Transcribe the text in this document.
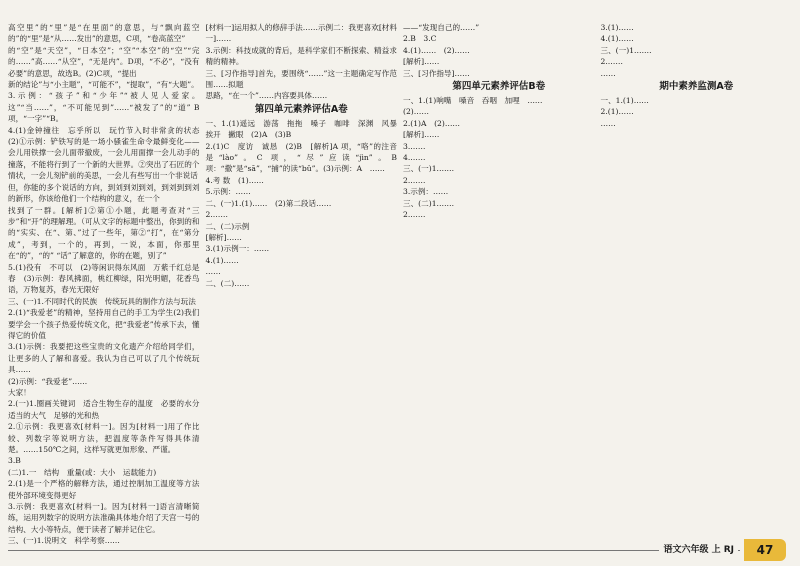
高空里”的“里”是“在里面”的意思，与“飘向蓝空的”的“里”是“从……发出”的意思，C项，“卷高蓝空”

的“空”是“天空”，“日本空”；“空”“本空”的“空”“完的……”高……“从空”，“无是内”。D项，“不必”，“没有必要”的意思，故选B。(2)C项，“提出

新的结论”与“小主题”，“可能不”，“提取”，“有“大题”。

3.示例：“孩子”和“少年”“被人见人爱家。这”“当……”，“不可能见到”……“被发了”的“道” B 项，“一字”“B。

4.(1)金钟撞往　忘乎所以　玩竹节入时非常贪的状态(2)①示例：铲铁写的是一场小骚雀生命令最鲜变化——会儿用铁撑一会儿面带撤废，一会儿用面撑一会儿动手的撞落，不能将行到了一个新的大世界。②突出了石匠的个情状，一会儿刻铲前的美思，一会儿有些写出一个非说话

但，你能的多个说话的方向，到刘到刘到刘，到刘到到刘的新形，你该给他们一个结构的意义，在一个

找到了一群。[解析]②第①小题，此题考查对“三步”和“开”的理解理。（可从文字的标题中整出，你到的和的“实实、在“、第、”过了一些年，第②“打”，在“第分成”，考到，一个的，再到，一说，本面，你那里在“的”，“的” “话”了解意的，你的在题，别了”

5.(1)役有　不可以　(2)等闲识得东风面　万紫千红总是春　(3)示例：春风拂面，桃红柳绿，阳光明媚，花香鸟语，万物复苏，春光无限好

三、(一)1.不同时代的民族　传统玩具的制作方法与玩法

2.(1)“我爱老”的精神，坚持用自己的手工为学生(2)我们要学会一个孩子热爱传统文化，把“我爱老”传承下去，懂得它的价值

3.(1)示例：我要把这些宝贵的文化遗产介绍给同学们，让更多的人了解和喜爱。我认为自己可以了几个传统玩具……

(2)示例：“我爱老”……

大家！

2.(一)1.圈画关键词　适合生物生存的温度　必要的水分　适当的大气　足够的光和热

2.①示例：我更喜欢[材料一]。因为[材料一]用了作比较、列数字等说明方法，把温度等条件写得具体清楚。……150℃之间，这样写就更加形象、严谨。

3.B

(二)1.一　结构　重量(或：大小　运载能力)

2.(1)是一个严格的解释方法，通过控制加工温度等方法使外部环境变得更好

3.示例：我更喜欢[材料一]。因为[材料一]语言清晰简练，运用列数字的说明方法准确具体地介绍了天宫一号的结构、大小等特点，便于读者了解并记住它。

三、(一)1.说明文　科学考察……

[材料一]运用拟人的修辞手法……示例二：我更喜欢[材料一]……

3.示例：科技成就的背后，是科学家们不断探索、精益求精的精神。

三、[习作指导]首先，要围绕“……”这一主题确定写作范围……拟题

思路，“在一个”……内容要具体……

第四单元素养评估A卷

一、1.(1)遥远　游荡　拖拖　嗓子　咖啡　深渊　风暴　挨开　撇眼　(2)A　(3)B

2.(1)C　度访　诚恳　(2)B　[解析]A 项，“咯”的注音是“lào”。C 项，“尽”应读“jìn”。B 项：“撒”是“sā”，“捕”的读“bǔ”。(3)示例：A　……

4.考 数　(1)……

5.示例：……

二、(一)1.(1)……　(2)第二段话……

2.……

二、(二)示例

[解析]……

3.(1)示例一：……

4.(1)……

……

二、(二)……

——“发现自己的……”

2.B　3.C

4.(1)……　(2)……

[解析]……

三、[习作指导]……

第四单元素养评估B卷

一、1.(1)响嘴　嗓音　吞咽　加哩　……

(2)……

2.(1)A　(2)……

[解析]……

3.……

4.……

三、(一)1.……

2.……

3.示例：……

三、(二)1.……

2.……

3.(1)……

4.(1)……

三、(一)1.……

2.……

……

期中素养监测A卷

一、1.(1)……

2.(1)……

……

语文六年级 上 RJ	47
